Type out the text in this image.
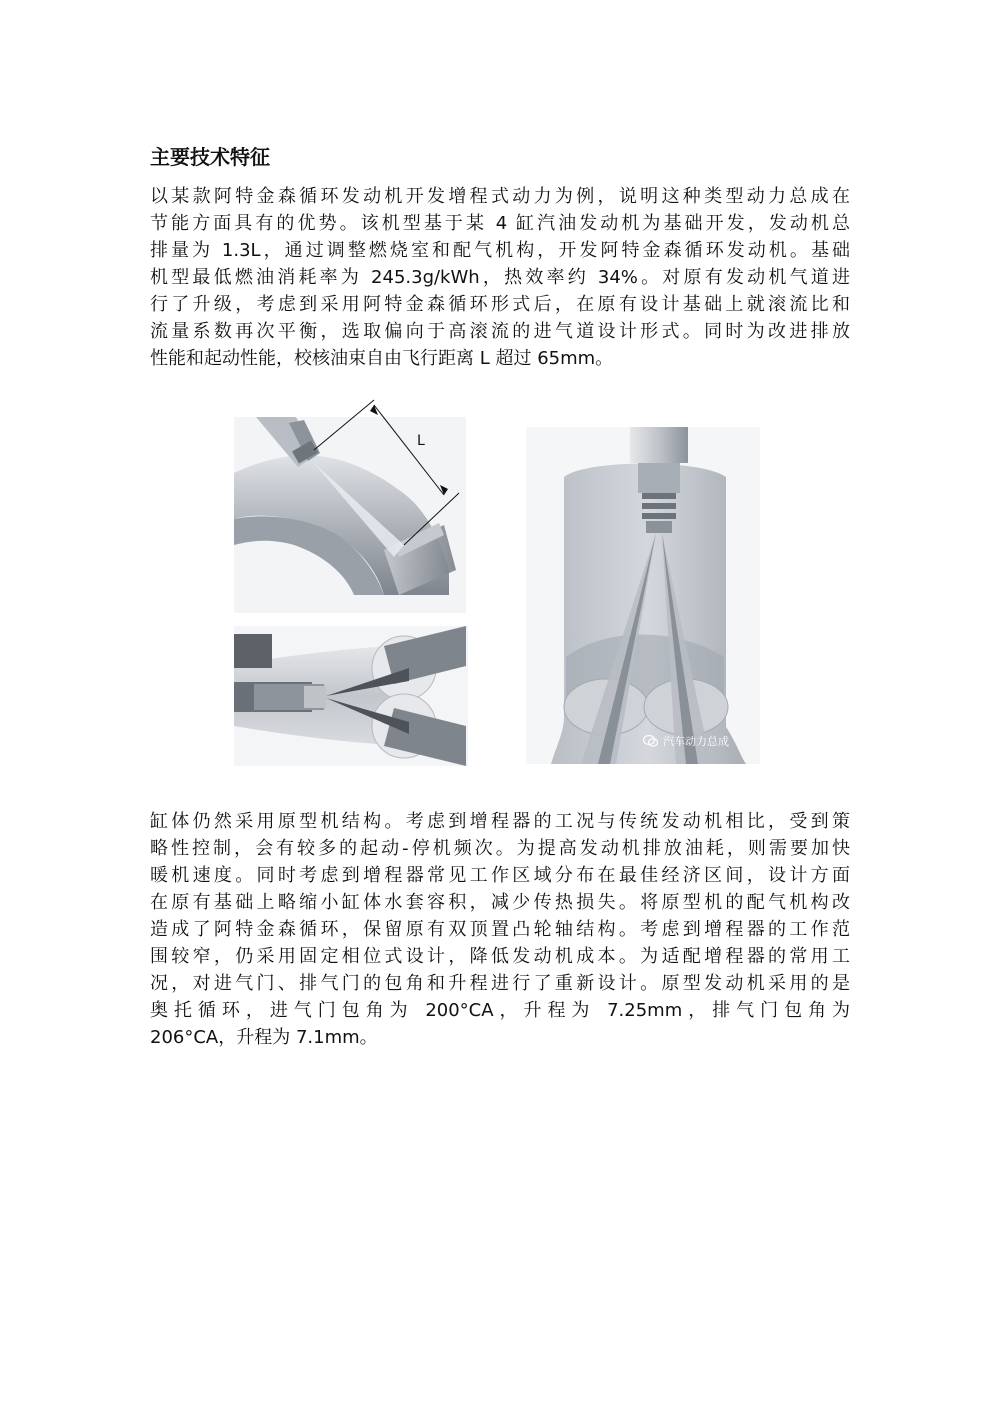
主要技术特征
以某款阿特金森循环发动机开发增程式动力为例，说明这种类型动力总成在
节能方面具有的优势。该机型基于某 4 缸汽油发动机为基础开发，发动机总
排量为 1.3L，通过调整燃烧室和配气机构，开发阿特金森循环发动机。基础
机型最低燃油消耗率为 245.3g/kWh，热效率约 34%。对原有发动机气道进
行了升级，考虑到采用阿特金森循环形式后，在原有设计基础上就滚流比和
流量系数再次平衡，选取偏向于高滚流的进气道设计形式。同时为改进排放
性能和起动性能，校核油束自由飞行距离 L 超过 65mm。
L
汽车动力总成
缸体仍然采用原型机结构。考虑到增程器的工况与传统发动机相比，受到策
略性控制，会有较多的起动-停机频次。为提高发动机排放油耗，则需要加快
暖机速度。同时考虑到增程器常见工作区域分布在最佳经济区间，设计方面
在原有基础上略缩小缸体水套容积，减少传热损失。将原型机的配气机构改
造成了阿特金森循环，保留原有双顶置凸轮轴结构。考虑到增程器的工作范
围较窄，仍采用固定相位式设计，降低发动机成本。为适配增程器的常用工
况，对进气门、排气门的包角和升程进行了重新设计。原型发动机采用的是
奥托循环，进气门包角为 200°CA，升程为 7.25mm，排气门包角为
206°CA，升程为 7.1mm。
